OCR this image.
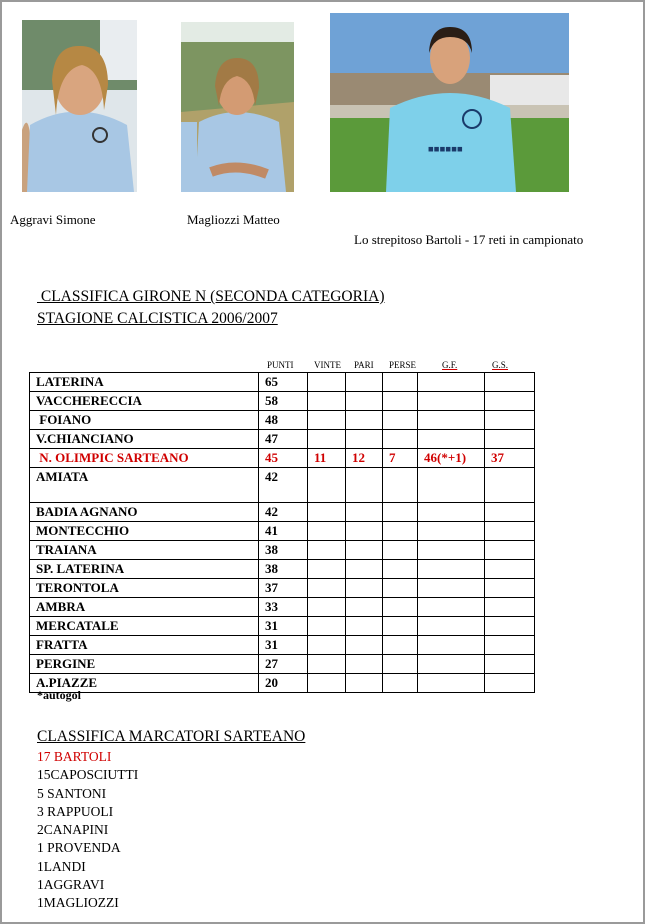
Aggravi Simone	Magliozzi Matteo
◼◼◼◼◼◼
Lo strepitoso Bartoli - 17 reti in campionato
CLASSIFICA GIRONE N (SECONDA CATEGORIA)
STAGIONE CALCISTICA 2006/2007
PUNTI VINTE PARI PERSE	G.F.	G.S.
LATERINA	65					
VACCHERECCIA	58					
FOIANO	48					
V.CHIANCIANO	47					
N. OLIMPIC SARTEANO	45	11	12	7	46(*+1)	37
AMIATA	42					
BADIA AGNANO	42					
MONTECCHIO	41					
TRAIANA	38					
SP. LATERINA	38					
TERONTOLA	37					
AMBRA	33					
MERCATALE	31					
FRATTA	31					
PERGINE	27					
A.PIAZZE	20					
*autogol
CLASSIFICA MARCATORI SARTEANO
17 BARTOLI
15CAPOSCIUTTI
5 SANTONI
3 RAPPUOLI
2CANAPINI
1 PROVENDA
1LANDI
1AGGRAVI
1MAGLIOZZI
